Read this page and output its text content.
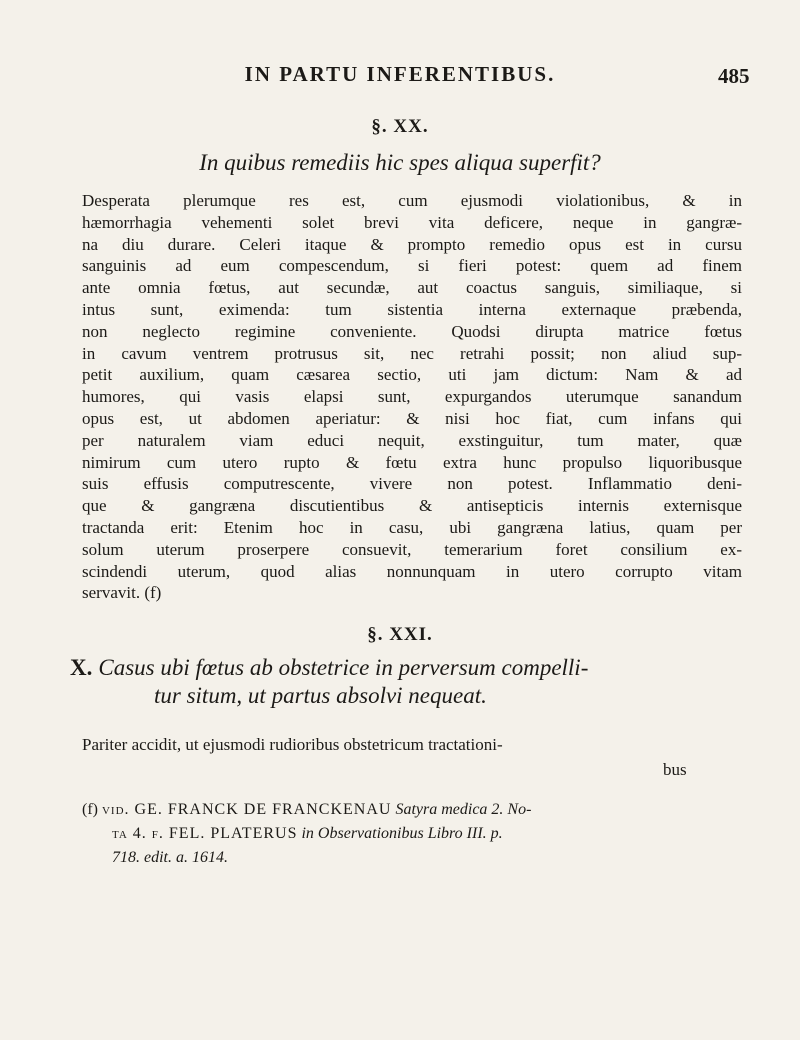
IN PARTU INFERENTIBUS.	485
§. XX.
In quibus remediis hic spes aliqua superfit?
Desperata plerumque res est, cum ejusmodi violationibus, & in
hæmorrhagia vehementi solet brevi vita deficere, neque in gangræ-
na diu durare. Celeri itaque & prompto remedio opus est in cursu
sanguinis ad eum compescendum, si fieri potest: quem ad finem
ante omnia fœtus, aut secundæ, aut coactus sanguis, similiaque, si
intus sunt, eximenda: tum sistentia interna externaque præbenda,
non neglecto regimine conveniente. Quodsi dirupta matrice fœtus
in cavum ventrem protrusus sit, nec retrahi possit; non aliud sup-
petit auxilium, quam cæsarea sectio, uti jam dictum: Nam & ad
humores, qui vasis elapsi sunt, expurgandos uterumque sanandum
opus est, ut abdomen aperiatur: & nisi hoc fiat, cum infans qui
per naturalem viam educi nequit, exstinguitur, tum mater, quæ
nimirum cum utero rupto & fœtu extra hunc propulso liquoribusque
suis effusis computrescente, vivere non potest. Inflammatio deni-
que & gangræna discutientibus & antisepticis internis externisque
tractanda erit: Etenim hoc in casu, ubi gangræna latius, quam per
solum uterum proserpere consuevit, temerarium foret consilium ex-
scindendi uterum, quod alias nonnunquam in utero corrupto vitam
servavit. (f)
§. XXI.
X. Casus ubi fœtus ab obstetrice in perversum compelli-
tur situm, ut partus absolvi nequeat.
Pariter accidit, ut ejusmodi rudioribus obstetricum tractationi-
bus
(f) vid. GE. FRANCK DE FRANCKENAU Satyra medica 2. No-
ta 4. f. FEL. PLATERUS in Observationibus Libro III. p.
718. edit. a. 1614.
